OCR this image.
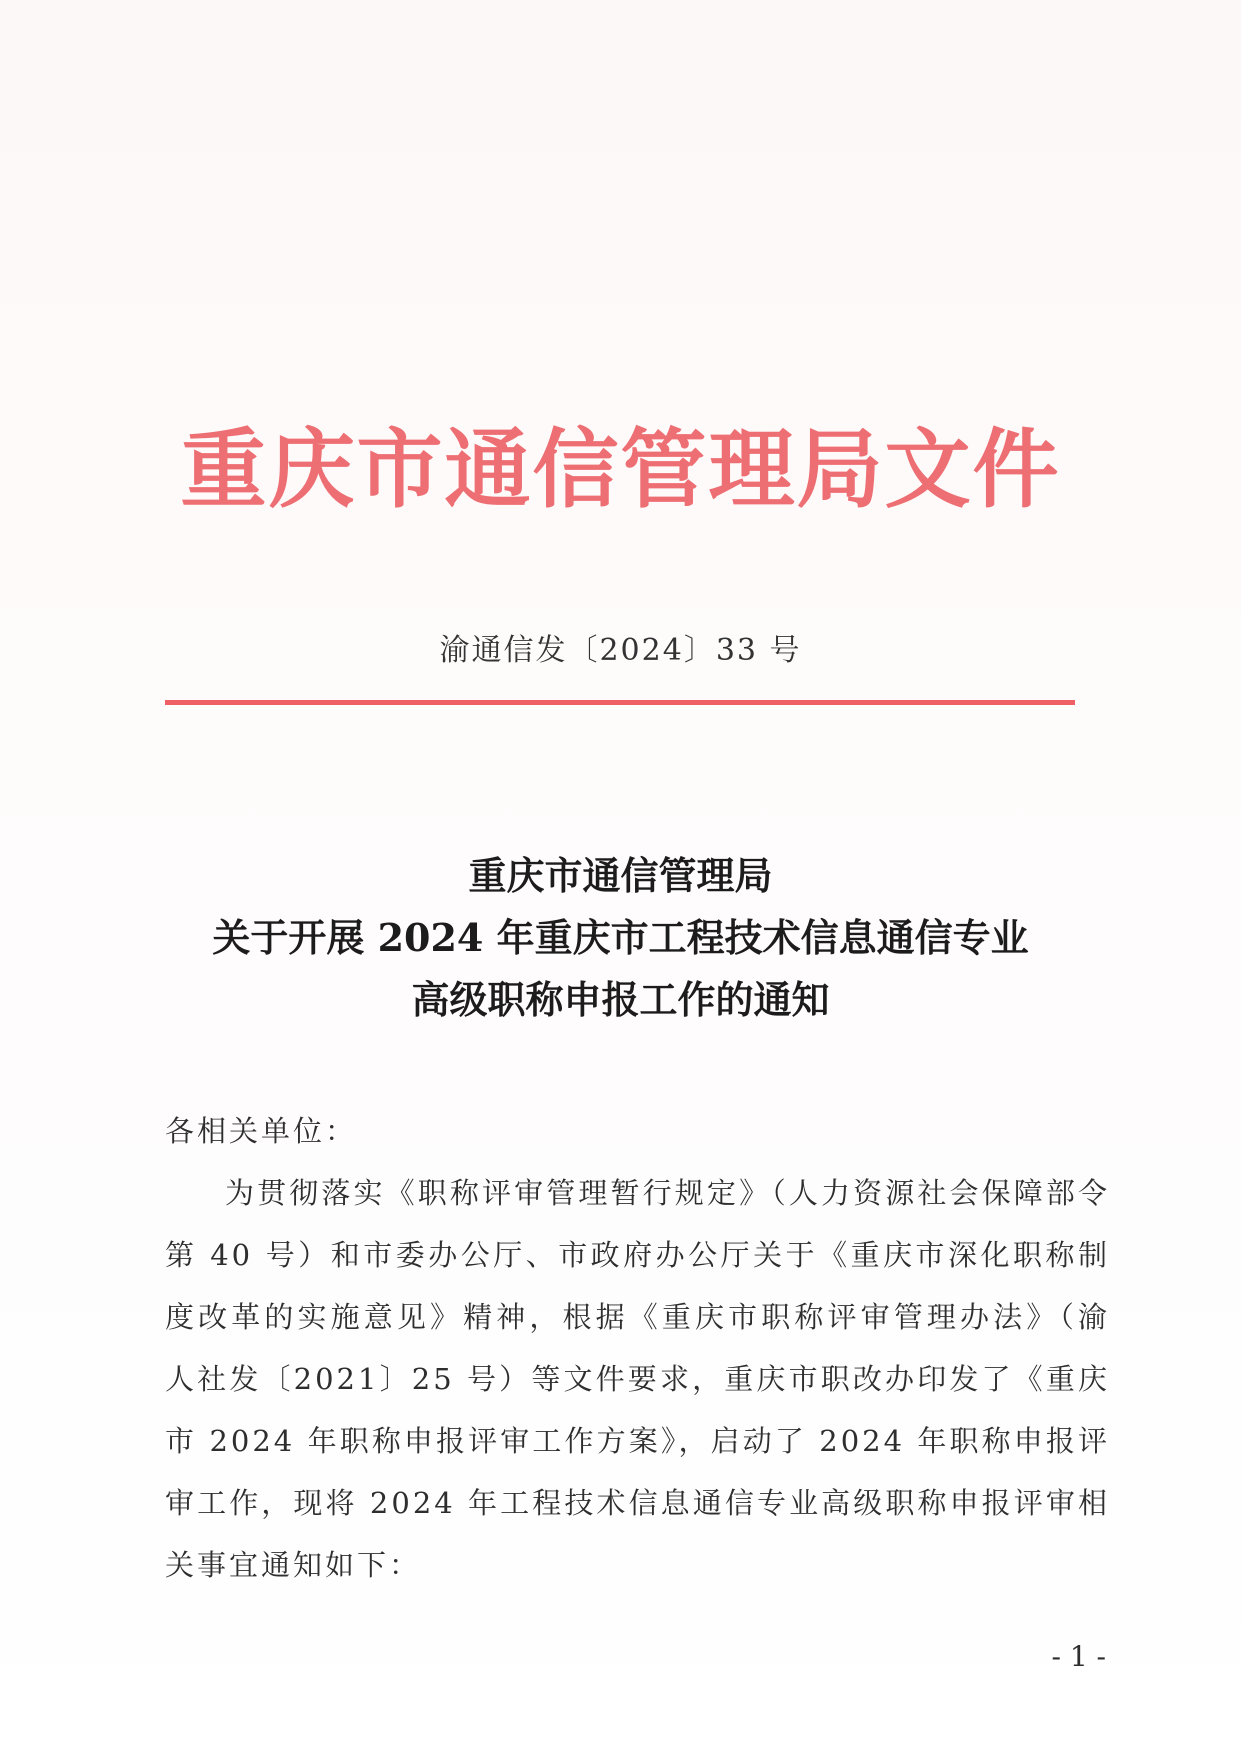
重庆市通信管理局文件
渝通信发〔2024〕33 号
重庆市通信管理局
关于开展 2024 年重庆市工程技术信息通信专业
高级职称申报工作的通知
各相关单位：
为贯彻落实《职称评审管理暂行规定》（人力资源社会保障部令第 40 号）和市委办公厅、市政府办公厅关于《重庆市深化职称制度改革的实施意见》精神，根据《重庆市职称评审管理办法》（渝人社发〔2021〕25 号）等文件要求，重庆市职改办印发了《重庆市 2024 年职称申报评审工作方案》，启动了 2024 年职称申报评审工作，现将 2024 年工程技术信息通信专业高级职称申报评审相关事宜通知如下：
- 1 -
